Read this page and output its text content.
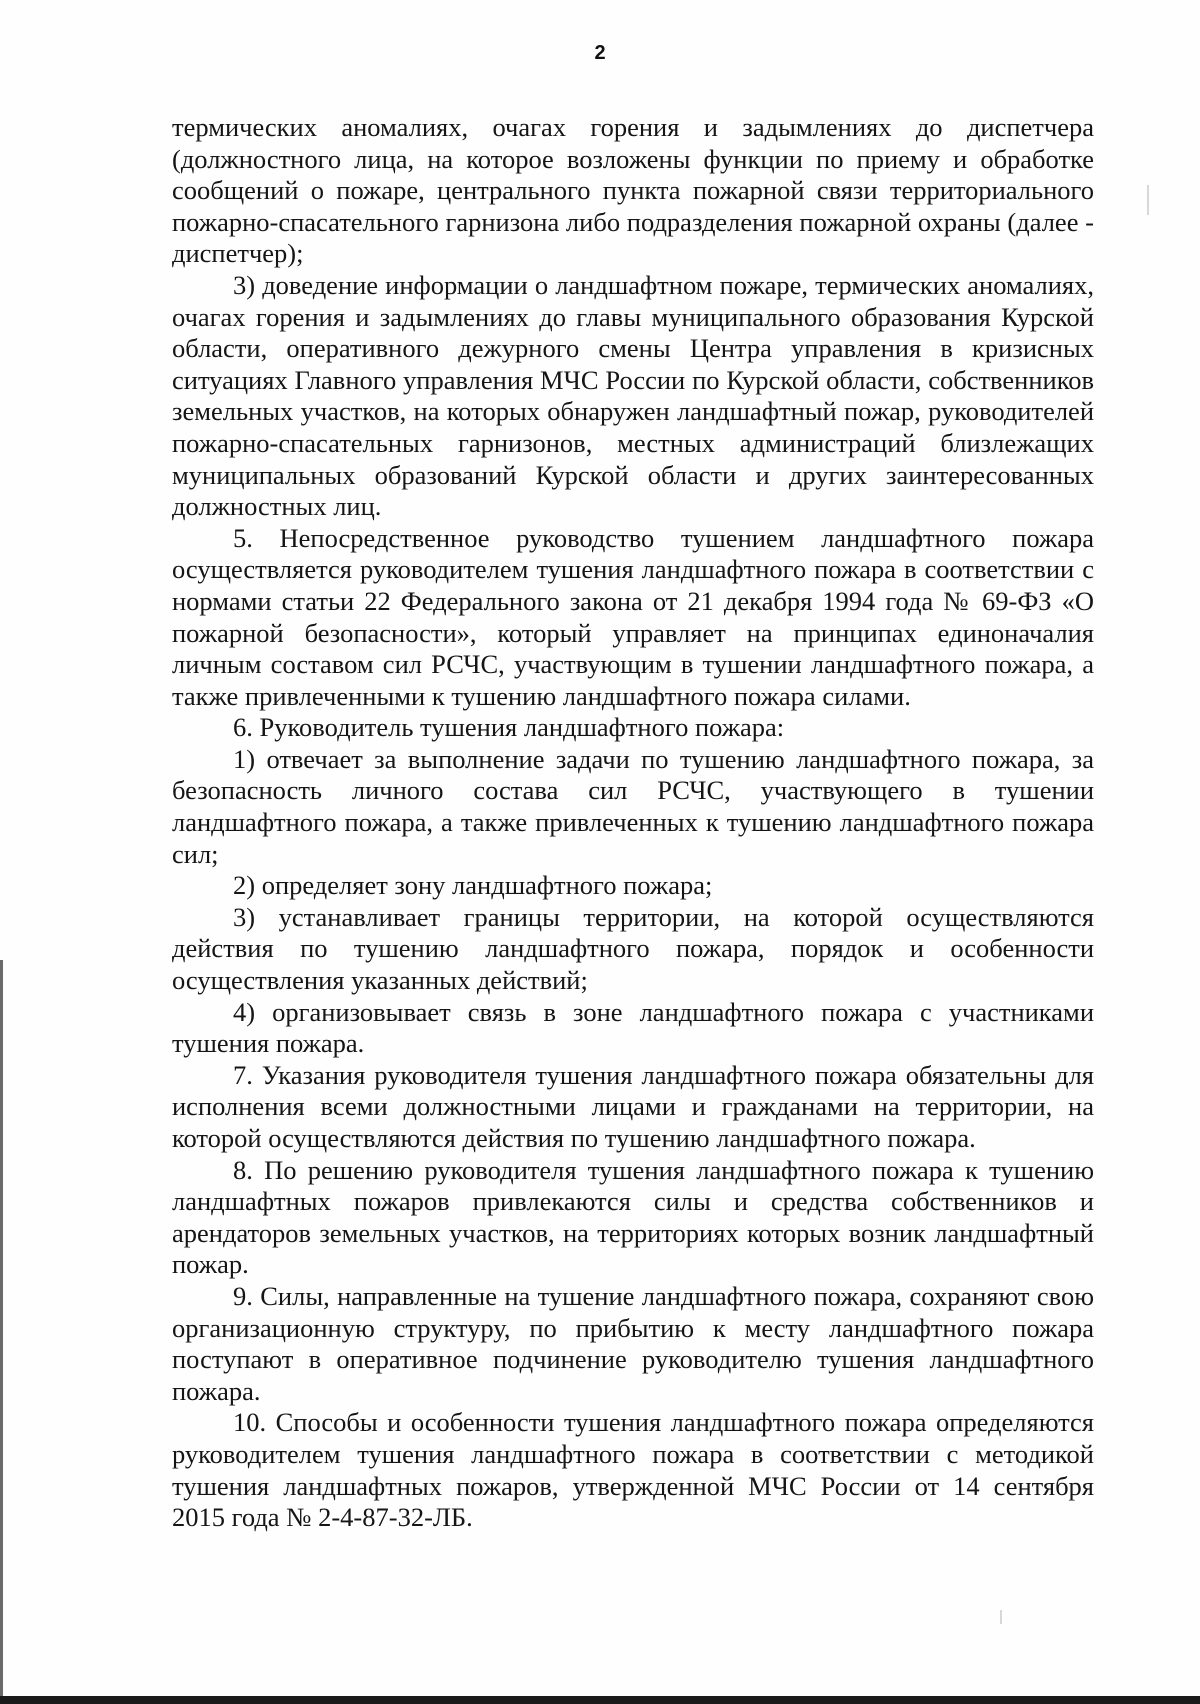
2

термических аномалиях, очагах горения и задымлениях до диспетчера (должностного лица, на которое возложены функции по приему и обработке сообщений о пожаре, центрального пункта пожарной связи территориального пожарно-спасательного гарнизона либо подразделения пожарной охраны (далее - диспетчер);

3) доведение информации о ландшафтном пожаре, термических аномалиях, очагах горения и задымлениях до главы муниципального образования Курской области, оперативного дежурного смены Центра управления в кризисных ситуациях Главного управления МЧС России по Курской области, собственников земельных участков, на которых обнаружен ландшафтный пожар, руководителей пожарно-спасательных гарнизонов, местных администраций близлежащих муниципальных образований Курской области и других заинтересованных должностных лиц.

5. Непосредственное руководство тушением ландшафтного пожара осуществляется руководителем тушения ландшафтного пожара в соответствии с нормами статьи 22 Федерального закона от 21 декабря 1994 года № 69-ФЗ «О пожарной безопасности», который управляет на принципах единоначалия личным составом сил РСЧС, участвующим в тушении ландшафтного пожара, а также привлеченными к тушению ландшафтного пожара силами.

6. Руководитель тушения ландшафтного пожара:

1) отвечает за выполнение задачи по тушению ландшафтного пожара, за безопасность личного состава сил РСЧС, участвующего в тушении ландшафтного пожара, а также привлеченных к тушению ландшафтного пожара сил;

2) определяет зону ландшафтного пожара;

3) устанавливает границы территории, на которой осуществляются действия по тушению ландшафтного пожара, порядок и особенности осуществления указанных действий;

4) организовывает связь в зоне ландшафтного пожара с участниками тушения пожара.

7. Указания руководителя тушения ландшафтного пожара обязательны для исполнения всеми должностными лицами и гражданами на территории, на которой осуществляются действия по тушению ландшафтного пожара.

8. По решению руководителя тушения ландшафтного пожара к тушению ландшафтных пожаров привлекаются силы и средства собственников и арендаторов земельных участков, на территориях которых возник ландшафтный пожар.

9. Силы, направленные на тушение ландшафтного пожара, сохраняют свою организационную структуру, по прибытию к месту ландшафтного пожара поступают в оперативное подчинение руководителю тушения ландшафтного пожара.

10. Способы и особенности тушения ландшафтного пожара определяются руководителем тушения ландшафтного пожара в соответствии с методикой тушения ландшафтных пожаров, утвержденной МЧС России от 14 сентября 2015 года № 2-4-87-32-ЛБ.
